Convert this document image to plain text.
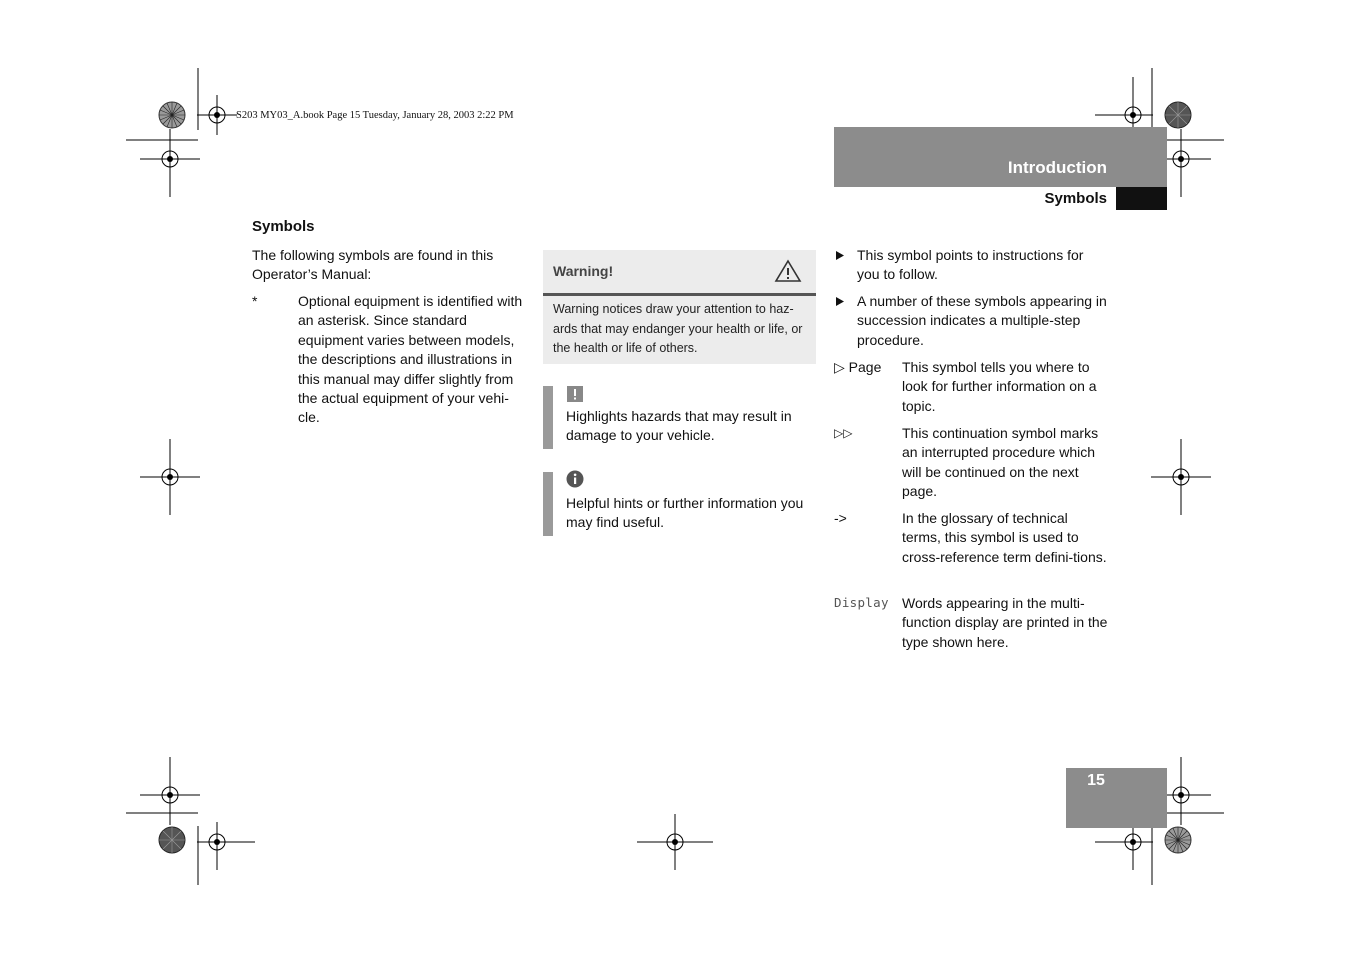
S203 MY03_A.book Page 15 Tuesday, January 28, 2003 2:22 PM
Introduction
Symbols
Symbols
The following symbols are found in this Operator’s Manual:
*	Optional equipment is identified with an asterisk. Since standard equipment varies between models, the descriptions and illustrations in this manual may differ slightly from the actual equipment of your vehi-cle.
Warning!
Warning notices draw your attention to haz-ards that may endanger your health or life, or the health or life of others.
Highlights hazards that may result in damage to your vehicle.
Helpful hints or further information you may find useful.
This symbol points to instructions for you to follow.
A number of these symbols appearing in succession indicates a multiple-step procedure.
▷ Page This symbol tells you where to look for further information on a topic.
▷▷	This continuation symbol marks an interrupted procedure which will be continued on the next page.
->	In the glossary of technical terms, this symbol is used to cross-reference term defini-tions.
Display Words appearing in the multi-function display are printed in the type shown here.
15
